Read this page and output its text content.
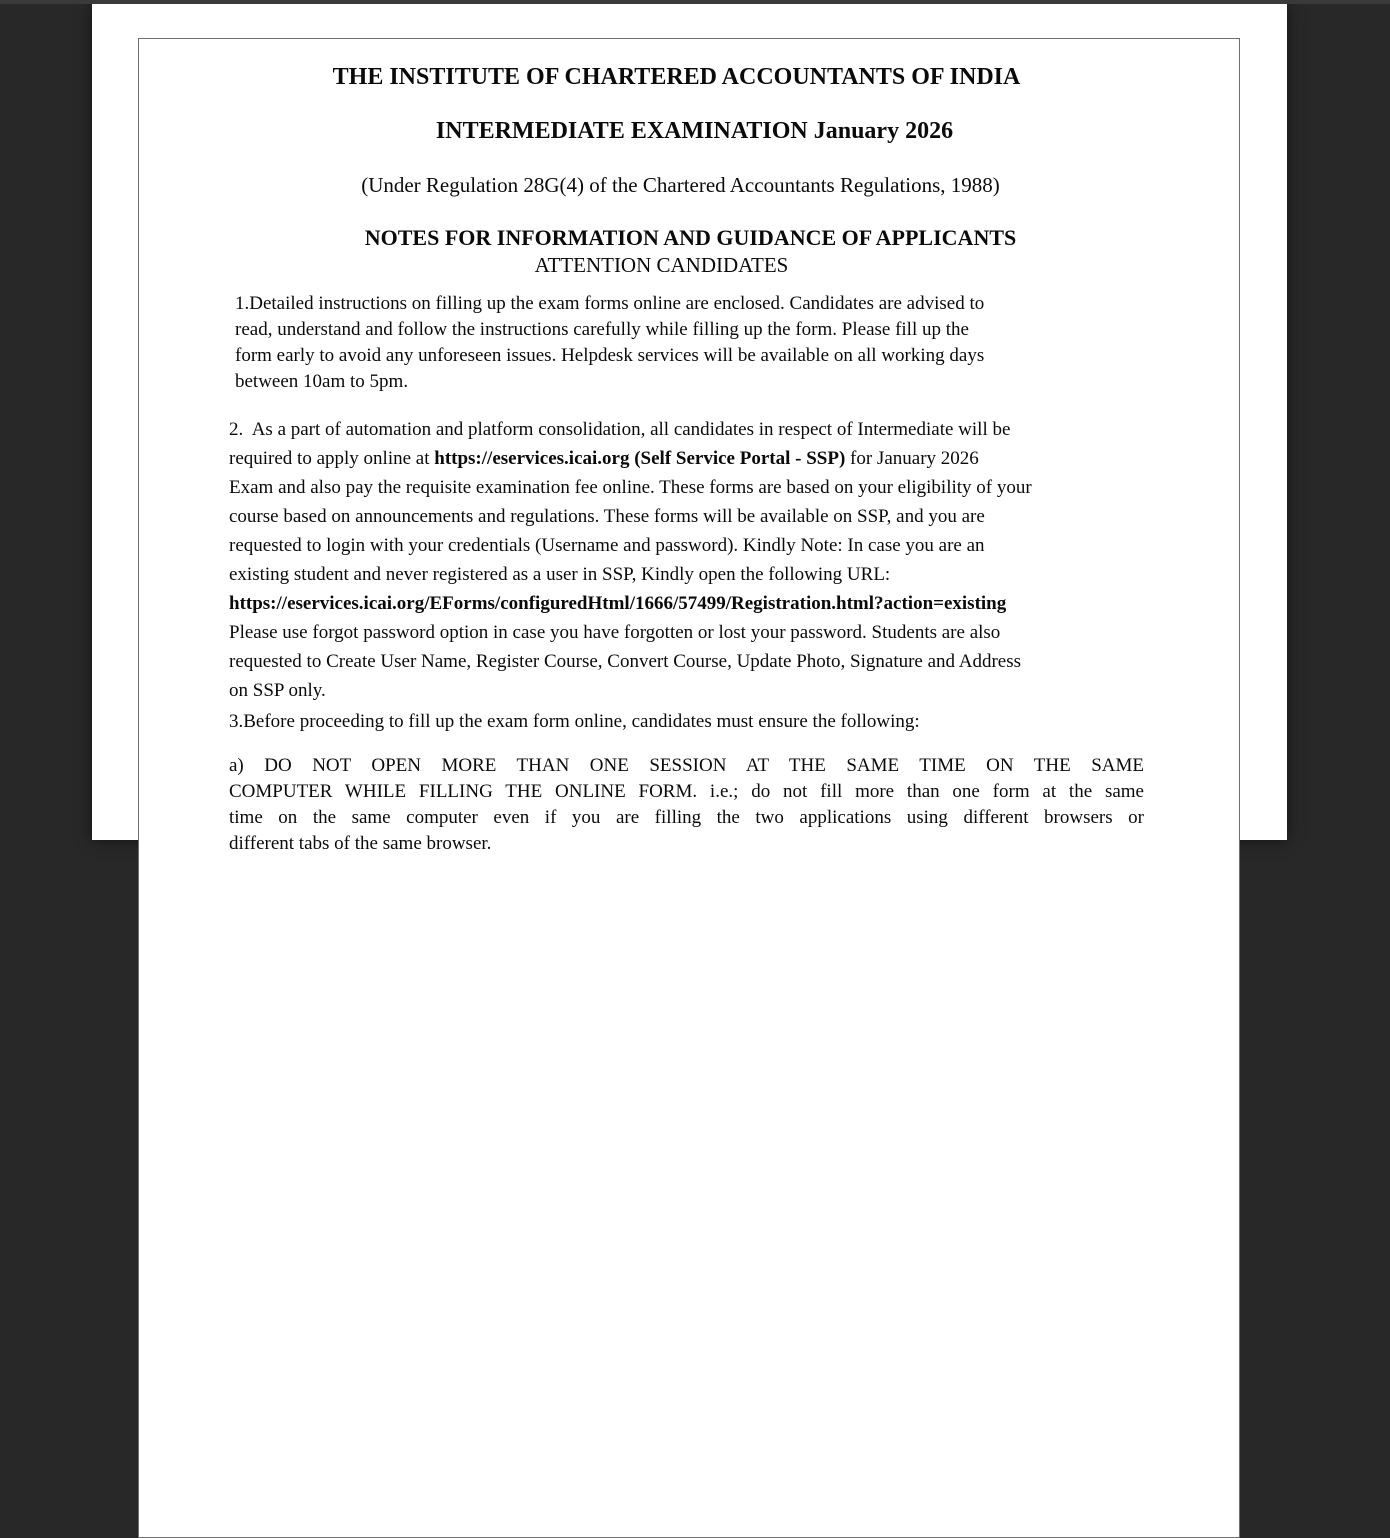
THE INSTITUTE OF CHARTERED ACCOUNTANTS OF INDIA
INTERMEDIATE EXAMINATION January 2026
(Under Regulation 28G(4) of the Chartered Accountants Regulations, 1988)
NOTES FOR INFORMATION AND GUIDANCE OF APPLICANTS
ATTENTION CANDIDATES
1.Detailed instructions on filling up the exam forms online are enclosed. Candidates are advised to
read, understand and follow the instructions carefully while filling up the form. Please fill up the
form early to avoid any unforeseen issues. Helpdesk services will be available on all working days
between 10am to 5pm.
2.  As a part of automation and platform consolidation, all candidates in respect of Intermediate will be
required to apply online at https://eservices.icai.org (Self Service Portal - SSP) for January 2026
Exam and also pay the requisite examination fee online. These forms are based on your eligibility of your
course based on announcements and regulations. These forms will be available on SSP, and you are
requested to login with your credentials (Username and password). Kindly Note: In case you are an
existing student and never registered as a user in SSP, Kindly open the following URL:
https://eservices.icai.org/EForms/configuredHtml/1666/57499/Registration.html?action=existing
Please use forgot password option in case you have forgotten or lost your password. Students are also
requested to Create User Name, Register Course, Convert Course, Update Photo, Signature and Address
on SSP only.
3.Before proceeding to fill up the exam form online, candidates must ensure the following:
a) DO NOT OPEN MORE THAN ONE SESSION AT THE SAME TIME ON THE SAME
COMPUTER WHILE FILLING THE ONLINE FORM. i.e.; do not fill more than one form at the same
time on the same computer even if you are filling the two applications using different browsers or
different tabs of the same browser.
